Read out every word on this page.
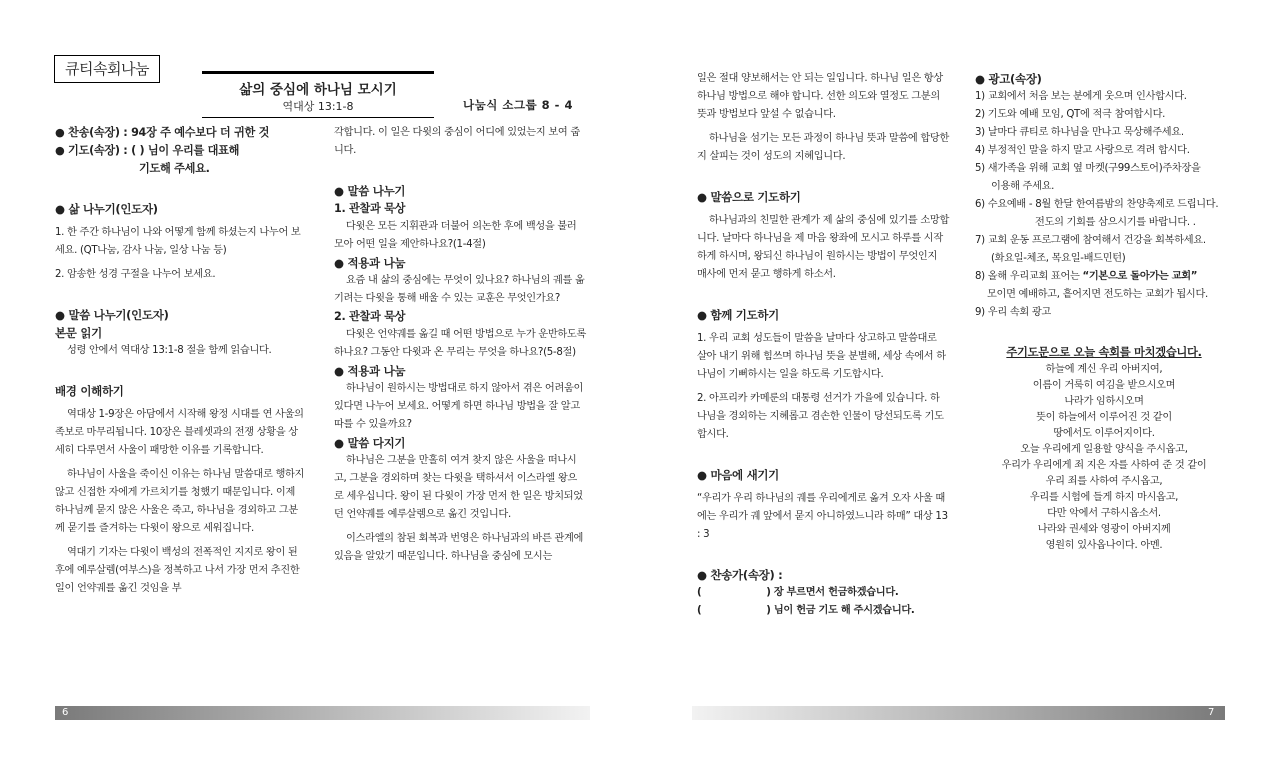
큐티속회나눔
삶의 중심에 하나님 모시기
역대상 13:1-8	나눔식 소그룹 8 - 4

● 찬송(속장) : 94장 주 예수보다 더 귀한 것

● 기도(속장) : ( ) 님이 우리를 대표해

기도해 주세요.

● 삶 나누기(인도자)

1. 한 주간 하나님이 나와 어떻게 함께 하셨는지 나누어 보세요. (QT나눔, 감사 나눔, 일상 나눔 등)

2. 암송한 성경 구절을 나누어 보세요.

● 말씀 나누기(인도자)

본문 읽기

성령 안에서 역대상 13:1-8 절을 함께 읽습니다.

배경 이해하기

역대상 1-9장은 아담에서 시작해 왕정 시대를 연 사울의 족보로 마무리됩니다. 10장은 블레셋과의 전쟁 상황을 상세히 다루면서 사울이 패망한 이유를 기록합니다.

하나님이 사울을 죽이신 이유는 하나님 말씀대로 행하지 않고 신접한 자에게 가르치기를 청했기 때문입니다. 이제 하나님께 묻지 않은 사울은 죽고, 하나님을 경외하고 그분께 묻기를 즐겨하는 다윗이 왕으로 세워집니다.

역대기 기자는 다윗이 백성의 전폭적인 지지로 왕이 된 후에 예루살렘(여부스)을 정복하고 나서 가장 먼저 추진한 일이 언약궤를 옮긴 것임을 부

각합니다. 이 일은 다윗의 중심이 어디에 있었는지 보여 줍니다.

● 말씀 나누기

1. 관찰과 묵상

다윗은 모든 지휘관과 더불어 의논한 후에 백성을 불러 모아 어떤 일을 제안하나요?(1-4절)

● 적용과 나눔

요즘 내 삶의 중심에는 무엇이 있나요? 하나님의 궤를 옮기려는 다윗을 통해 배울 수 있는 교훈은 무엇인가요?

2. 관찰과 묵상

다윗은 언약궤를 옮길 때 어떤 방법으로 누가 운반하도록 하나요? 그동안 다윗과 온 무리는 무엇을 하나요?(5-8절)

● 적용과 나눔

하나님이 원하시는 방법대로 하지 않아서 겪은 어려움이 있다면 나누어 보세요. 어떻게 하면 하나님 방법을 잘 알고 따를 수 있을까요?

● 말씀 다지기

하나님은 그분을 만홀히 여겨 찾지 않은 사울을 떠나시고, 그분을 경외하며 찾는 다윗을 택하셔서 이스라엘 왕으로 세우십니다. 왕이 된 다윗이 가장 먼저 한 일은 방치되었던 언약궤를 예루살렘으로 옮긴 것입니다.

이스라엘의 참된 회복과 번영은 하나님과의 바른 관계에 있음을 알았기 때문입니다. 하나님을 중심에 모시는

일은 절대 양보해서는 안 되는 일입니다. 하나님 일은 항상 하나님 방법으로 해야 합니다. 선한 의도와 열정도 그분의 뜻과 방법보다 앞설 수 없습니다.

하나님을 섬기는 모든 과정이 하나님 뜻과 말씀에 합당한지 살피는 것이 성도의 지혜입니다.

● 말씀으로 기도하기

하나님과의 친밀한 관계가 제 삶의 중심에 있기를 소망합니다. 날마다 하나님을 제 마음 왕좌에 모시고 하루를 시작하게 하시며, 왕되신 하나님이 원하시는 방법이 무엇인지 매사에 먼저 묻고 행하게 하소서.

● 함께 기도하기

1. 우리 교회 성도들이 말씀을 날마다 상고하고 말씀대로 살아 내기 위해 힘쓰며 하나님 뜻을 분별해, 세상 속에서 하나님이 기뻐하시는 일을 하도록 기도합시다.

2. 아프리카 카메룬의 대통령 선거가 가을에 있습니다. 하나님을 경외하는 지혜롭고 겸손한 인물이 당선되도록 기도합시다.

● 마음에 새기기

“우리가 우리 하나님의 궤를 우리에게로 옮겨 오자 사울 때에는 우리가 궤 앞에서 묻지 아니하였느니라 하매” 대상 13 : 3

● 찬송가(속장) :

(                    ) 장 부르면서 헌금하겠습니다.

(                    ) 님이 헌금 기도 해 주시겠습니다.

● 광고(속장)

1) 교회에서 처음 보는 분에게 웃으며 인사합시다.

2) 기도와 예배 모임, QT에 적극 참여합시다.

3) 날마다 큐티로 하나님을 만나고 묵상해주세요.

4) 부정적인 말을 하지 말고 사랑으로 격려 합시다.

5) 새가족을 위해 교회 옆 마켓(구99스토어)주차장을

이용해 주세요.

6) 수요예배 - 8월 한달 한여름밤의 찬양축제로 드립니다.

전도의 기회를 삼으시기를 바랍니다. .

7) 교회 운동 프로그램에 참여해서 건강을 회복하세요.

(화요일-체조, 목요일-배드민턴)

8) 올해 우리교회 표어는 “기본으로 돌아가는 교회”

모이면 예배하고, 흩어지면 전도하는 교회가 됩시다.

9) 우리 속회 광고

주기도문으로 오늘 속회를 마치겠습니다.

하늘에 계신 우리 아버지여,

이름이 거룩히 여김을 받으시오며

나라가 임하시오며

뜻이 하늘에서 이루어진 것 같이

땅에서도 이루어지이다.

오늘 우리에게 일용할 양식을 주시옵고,

우리가 우리에게 죄 지은 자를 사하여 준 것 같이

우리 죄를 사하여 주시옵고,

우리를 시험에 들게 하지 마시옵고,

다만 악에서 구하시옵소서.

나라와 권세와 영광이 아버지께

영원히 있사옵나이다. 아멘.

6	7
